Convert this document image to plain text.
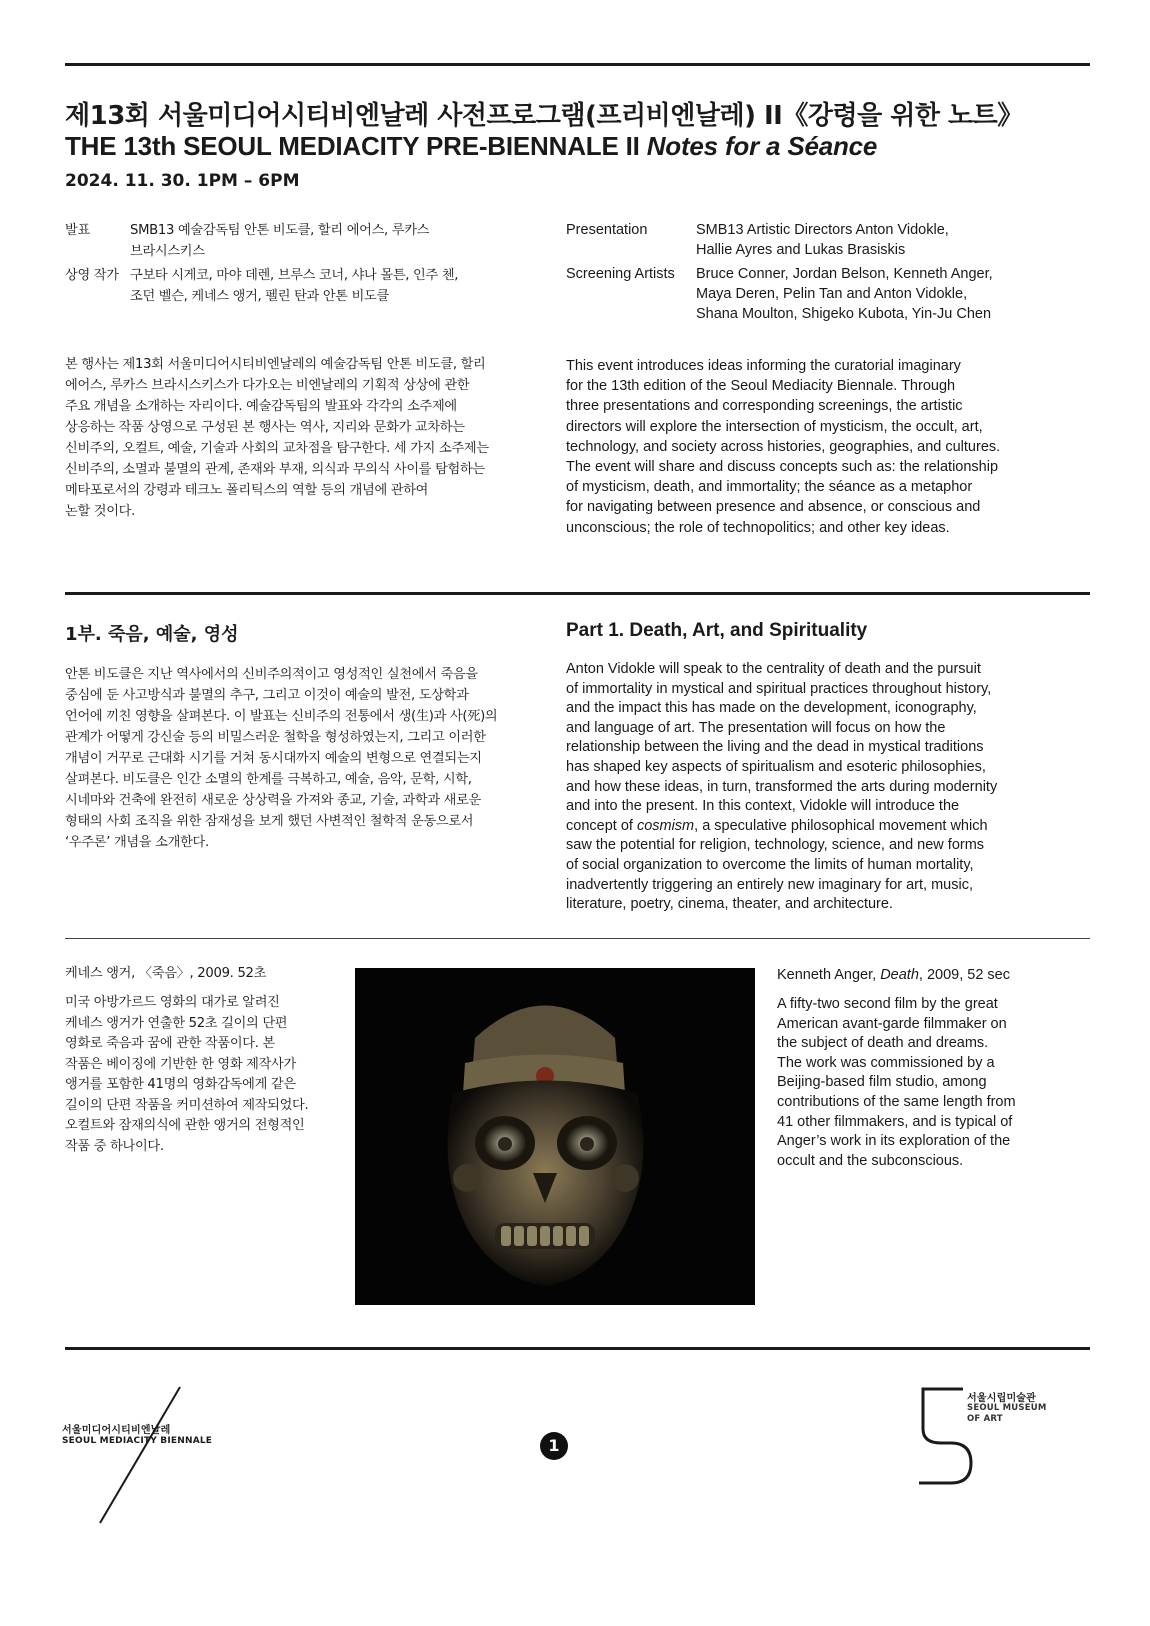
제13회 서울미디어시티비엔날레 사전프로그램(프리비엔날레) II《강령을 위한 노트》
THE 13th SEOUL MEDIACITY PRE-BIENNALE II Notes for a Séance
2024. 11. 30. 1PM – 6PM
발표	SMB13 예술감독팀 안톤 비도클, 할리 에어스, 루카스
브라시스키스
상영 작가 구보타 시게코, 마야 데렌, 브루스 코너, 샤나 몰튼, 인주 첸,
조던 벨슨, 케네스 앵거, 펠린 탄과 안톤 비도클
Presentation	SMB13 Artistic Directors Anton Vidokle,
Hallie Ayres and Lukas Brasiskis
Screening Artists Bruce Conner, Jordan Belson, Kenneth Anger,
Maya Deren, Pelin Tan and Anton Vidokle,
Shana Moulton, Shigeko Kubota, Yin-Ju Chen
본 행사는 제13회 서울미디어시티비엔날레의 예술감독팀 안톤 비도클, 할리
에어스, 루카스 브라시스키스가 다가오는 비엔날레의 기획적 상상에 관한
주요 개념을 소개하는 자리이다. 예술감독팀의 발표와 각각의 소주제에
상응하는 작품 상영으로 구성된 본 행사는 역사, 지리와 문화가 교차하는
신비주의, 오컬트, 예술, 기술과 사회의 교차점을 탐구한다. 세 가지 소주제는
신비주의, 소멸과 불멸의 관계, 존재와 부재, 의식과 무의식 사이를 탐험하는
메타포로서의 강령과 테크노 폴리틱스의 역할 등의 개념에 관하여
논할 것이다.
This event introduces ideas informing the curatorial imaginary
for the 13th edition of the Seoul Mediacity Biennale. Through
three presentations and corresponding screenings, the artistic
directors will explore the intersection of mysticism, the occult, art,
technology, and society across histories, geographies, and cultures.
The event will share and discuss concepts such as: the relationship
of mysticism, death, and immortality; the séance as a metaphor
for navigating between presence and absence, or conscious and
unconscious; the role of technopolitics; and other key ideas.
1부. 죽음, 예술, 영성	Part 1. Death, Art, and Spirituality
안톤 비도클은 지난 역사에서의 신비주의적이고 영성적인 실천에서 죽음을
중심에 둔 사고방식과 불멸의 추구, 그리고 이것이 예술의 발전, 도상학과
언어에 끼친 영향을 살펴본다. 이 발표는 신비주의 전통에서 생(生)과 사(死)의
관계가 어떻게 강신술 등의 비밀스러운 철학을 형성하였는지, 그리고 이러한
개념이 거꾸로 근대화 시기를 거쳐 동시대까지 예술의 변형으로 연결되는지
살펴본다. 비도클은 인간 소멸의 한계를 극복하고, 예술, 음악, 문학, 시학,
시네마와 건축에 완전히 새로운 상상력을 가져와 종교, 기술, 과학과 새로운
형태의 사회 조직을 위한 잠재성을 보게 했던 사변적인 철학적 운동으로서
‘우주론’ 개념을 소개한다.
Anton Vidokle will speak to the centrality of death and the pursuit
of immortality in mystical and spiritual practices throughout history,
and the impact this has made on the development, iconography,
and language of art. The presentation will focus on how the
relationship between the living and the dead in mystical traditions
has shaped key aspects of spiritualism and esoteric philosophies,
and how these ideas, in turn, transformed the arts during modernity
and into the present. In this context, Vidokle will introduce the
concept of cosmism, a speculative philosophical movement which
saw the potential for religion, technology, science, and new forms
of social organization to overcome the limits of human mortality,
inadvertently triggering an entirely new imaginary for art, music,
literature, poetry, cinema, theater, and architecture.
케네스 앵거, 〈죽음〉, 2009. 52초
미국 아방가르드 영화의 대가로 알려진
케네스 앵거가 연출한 52초 길이의 단편
영화로 죽음과 꿈에 관한 작품이다. 본
작품은 베이징에 기반한 한 영화 제작사가
앵거를 포함한 41명의 영화감독에게 같은
길이의 단편 작품을 커미션하여 제작되었다.
오컬트와 잠재의식에 관한 앵거의 전형적인
작품 중 하나이다.
Kenneth Anger, Death, 2009, 52 sec
A fifty-two second film by the great
American avant-garde filmmaker on
the subject of death and dreams.
The work was commissioned by a
Beijing-based film studio, among
contributions of the same length from
41 other filmmakers, and is typical of
Anger’s work in its exploration of the
occult and the subconscious.
서울미디어시티비엔날레
SEOUL MEDIACITY BIENNALE	1
서울시립미술관
SEOUL MUSEUM
OF ART
